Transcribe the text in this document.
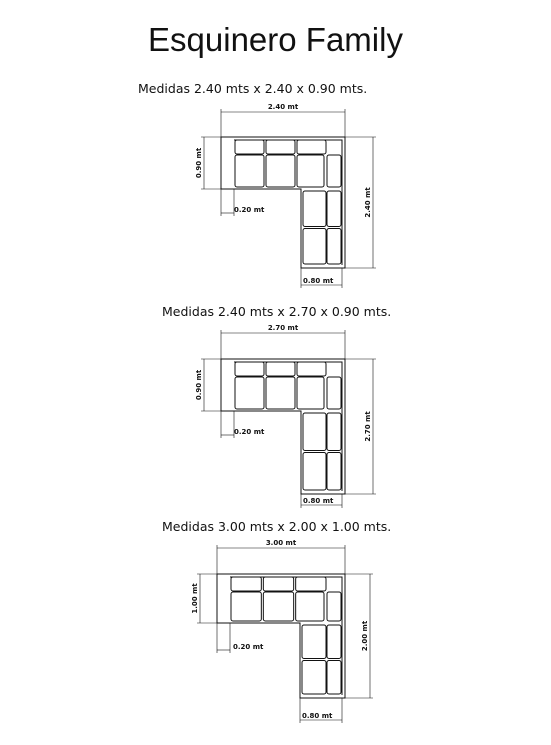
Esquinero Family
Medidas 2.40 mts x 2.40 x 0.90 mts.
2.40 mt
0.90 mt
2.40 mt
0.20 mt
0.80 mt
Medidas 2.40 mts x 2.70 x 0.90 mts.
2.70 mt
0.90 mt
2.70 mt
0.20 mt
0.80 mt
Medidas 3.00 mts x 2.00 x 1.00 mts.
3.00 mt
1.00 mt
2.00 mt
0.20 mt
0.80 mt
